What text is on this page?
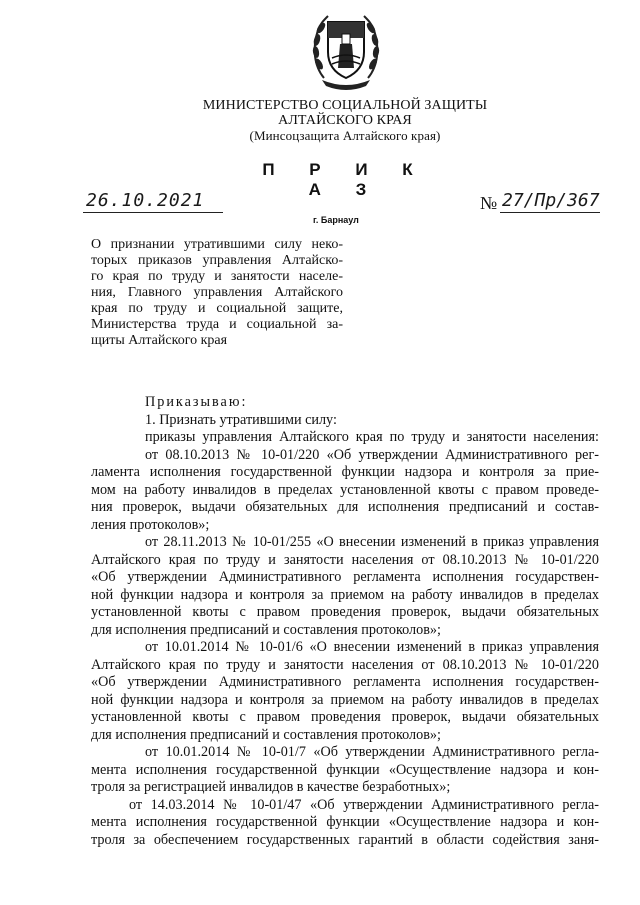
МИНИСТЕРСТВО СОЦИАЛЬНОЙ ЗАЩИТЫ
АЛТАЙСКОГО КРАЯ
(Минсоцзащита Алтайского края)
П Р И К А З
26.10.2021
г. Барнаул
№ 27/Пр/367
О признании утратившими силу неко-
торых приказов управления Алтайско-
го края по труду и занятости населе-
ния, Главного управления Алтайского
края по труду и социальной защите,
Министерства труда и социальной за-
щиты Алтайского края
Приказываю:
1. Признать утратившими силу:
приказы управления Алтайского края по труду и занятости населения:
от 08.10.2013 № 10-01/220 «Об утверждении Административного рег-
ламента исполнения государственной функции надзора и контроля за прие-
мом на работу инвалидов в пределах установленной квоты с правом проведе-
ния проверок, выдачи обязательных для исполнения предписаний и состав-
ления протоколов»;
от 28.11.2013 № 10-01/255 «О внесении изменений в приказ управления
Алтайского края по труду и занятости населения от 08.10.2013 № 10-01/220
«Об утверждении Административного регламента исполнения государствен-
ной функции надзора и контроля за приемом на работу инвалидов в пределах
установленной квоты с правом проведения проверок, выдачи обязательных
для исполнения предписаний и составления протоколов»;
от 10.01.2014 № 10-01/6 «О внесении изменений в приказ управления
Алтайского края по труду и занятости населения от 08.10.2013 № 10-01/220
«Об утверждении Административного регламента исполнения государствен-
ной функции надзора и контроля за приемом на работу инвалидов в пределах
установленной квоты с правом проведения проверок, выдачи обязательных
для исполнения предписаний и составления протоколов»;
от 10.01.2014 № 10-01/7 «Об утверждении Административного регла-
мента исполнения государственной функции «Осуществление надзора и кон-
троля за регистрацией инвалидов в качестве безработных»;
от 14.03.2014 № 10-01/47 «Об утверждении Административного регла-
мента исполнения государственной функции «Осуществление надзора и кон-
троля за обеспечением государственных гарантий в области содействия заня-
